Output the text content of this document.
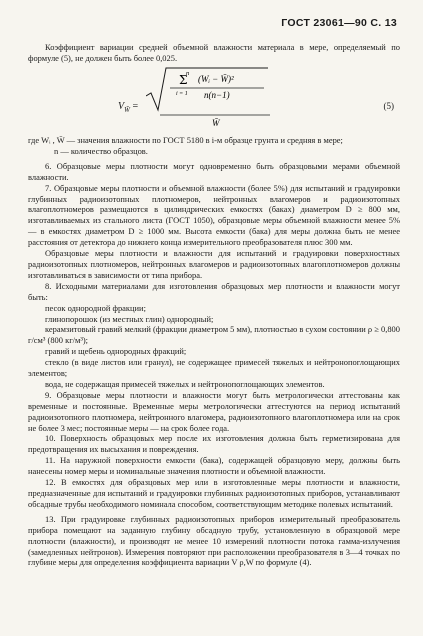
ГОСТ 23061—90 С. 13

Коэффициент вариации средней объемной влажности материала в мере, определяемый по формуле (5), не должен быть более 0,025.

$V_{W̄}$ =
n
Σ
i = 1
(Wᵢ − W̄)²
n(n−1)
W̄
(5)

где Wᵢ , W̄ — значения влажности по ГОСТ 5180 в i-м образце грунта и средняя в мере;

n — количество образцов.

6. Образцовые меры плотности могут одновременно быть образцовыми мерами объемной влажности.

7. Образцовые меры плотности и объемной влажности (более 5%) для испытаний и градуировки глубинных радиоизотопных плотномеров, нейтронных влагомеров и радиоизотопных влагоплотномеров размещаются в цилиндрических емкостях (баках) диаметром D ≥ 800 мм, изготавливаемых из стального листа (ГОСТ 1050), образцовые меры объемной влажности менее 5% — в емкостях диаметром D ≥ 1000 мм. Высота емкости (бака) для меры должна быть не менее расстояния от детектора до нижнего конца измерительного преобразователя плюс 300 мм.

Образцовые меры плотности и влажности для испытаний и градуировки поверхностных радиоизотопных плотномеров, нейтронных влагомеров и радиоизотопных влагоплотномеров должны изготавливаться в зависимости от типа прибора.

8. Исходными материалами для изготовления образцовых мер плотности и влажности могут быть:

песок однородной фракции;

глинопорошок (из местных глин) однородный;

керамзитовый гравий мелкий (фракции диаметром 5 мм), плотностью в сухом состоянии ρ ≥ 0,800 г/см³ (800 кг/м³);

гравий и щебень однородных фракций;

стекло (в виде листов или гранул), не содержащее примесей тяжелых и нейтронопоглощающих элементов;

вода, не содержащая примесей тяжелых и нейтронопоглощающих элементов.

9. Образцовые меры плотности и влажности могут быть метрологически аттестованы как временные и постоянные. Временные меры метрологически аттестуются на период испытаний радиоизотопного плотномера, нейтронного влагомера, радиоизотопного влагоплотномера или на срок не более 3 мес; постоянные меры — на срок более года.

10. Поверхность образцовых мер после их изготовления должна быть герметизирована для предотвращения их высыхания и повреждения.

11. На наружной поверхности емкости (бака), содержащей образцовую меру, должны быть нанесены номер меры и номинальные значения плотности и объемной влажности.

12. В емкостях для образцовых мер или в изготовленные меры плотности и влажности, предназначенные для испытаний и градуировки глубинных радиоизотопных приборов, устанавливают обсадные трубы необходимого номинала способом, соответствующим методике полевых испытаний.

13. При градуировке глубинных радиоизотопных приборов измерительный преобразователь прибора помещают на заданную глубину обсадную трубу, установленную в образцовой мере плотности (влажности), и производят не менее 10 измерений плотности потока гамма-излучения (замедленных нейтронов). Измерения повторяют при расположении преобразователя в 3—4 точках по глубине меры для определения коэффициента вариации V ρ,W по формуле (4).
